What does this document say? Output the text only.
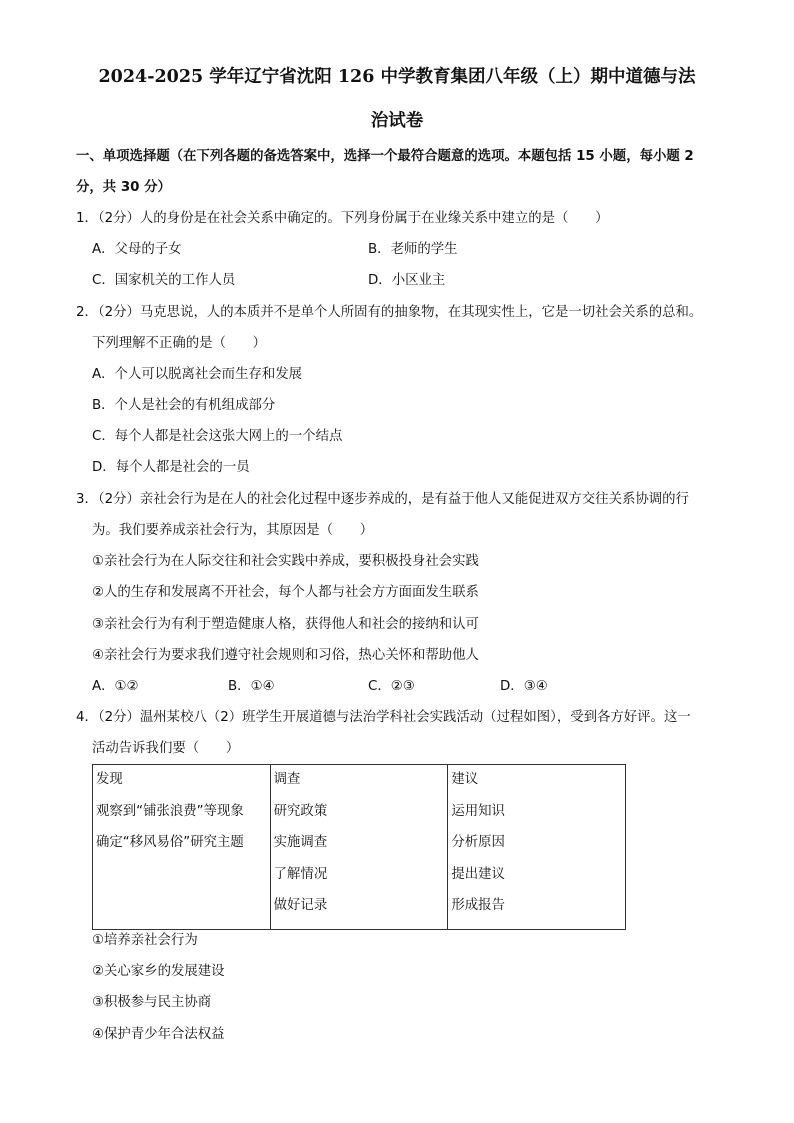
2024-2025 学年辽宁省沈阳 126 中学教育集团八年级（上）期中道德与法
治试卷
一、单项选择题（在下列各题的备选答案中，选择一个最符合题意的选项。本题包括 15 小题，每小题 2
分，共 30 分）
1．（2分）人的身份是在社会关系中确定的。下列身份属于在业缘关系中建立的是（　　）
A．父母的子女	B．老师的学生
C．国家机关的工作人员	D．小区业主
2．（2分）马克思说，人的本质并不是单个人所固有的抽象物，在其现实性上，它是一切社会关系的总和。
下列理解不正确的是（　　）
A．个人可以脱离社会而生存和发展
B．个人是社会的有机组成部分
C．每个人都是社会这张大网上的一个结点
D．每个人都是社会的一员
3．（2分）亲社会行为是在人的社会化过程中逐步养成的，是有益于他人又能促进双方交往关系协调的行
为。我们要养成亲社会行为，其原因是（　　）
①亲社会行为在人际交往和社会实践中养成，要积极投身社会实践
②人的生存和发展离不开社会，每个人都与社会方方面面发生联系
③亲社会行为有利于塑造健康人格，获得他人和社会的接纳和认可
④亲社会行为要求我们遵守社会规则和习俗，热心关怀和帮助他人
A．①②	B．①④	C．②③	D．③④
4．（2分）温州某校八（2）班学生开展道德与法治学科社会实践活动（过程如图），受到各方好评。这一
活动告诉我们要（　　）
发现
观察到“铺张浪费”等现象
确定“移风易俗”研究主题

调查
研究政策
实施调查
了解情况
做好记录

建议
运用知识
分析原因
提出建议
形成报告
①培养亲社会行为
②关心家乡的发展建设
③积极参与民主协商
④保护青少年合法权益
